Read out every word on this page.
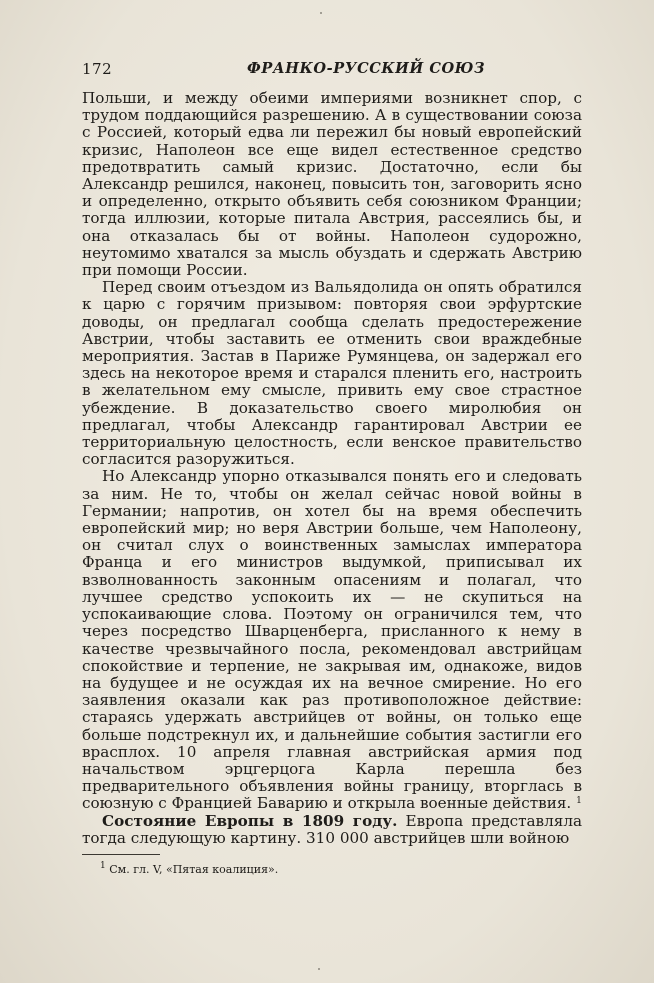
172	ФРАНКО-РУССКИЙ СОЮЗ

Польши, и между обеими империями возникнет спор, с трудом поддающийся разрешению. А в существовании союза с Россией, который едва ли пережил бы новый европейский кризис, Наполеон все еще видел естественное средство предотвратить самый кризис. Достаточно, если бы Александр решился, наконец, повысить тон, заговорить ясно и определенно, открыто объявить себя союзником Франции; тогда иллюзии, которые питала Австрия, рассеялись бы, и она отказалась бы от войны. Наполеон судорожно, неутомимо хватался за мысль обуздать и сдержать Австрию при помощи России.

Перед своим отъездом из Вальядолида он опять обратился к царю с горячим призывом: повторяя свои эрфуртские доводы, он предлагал сообща сделать предостережение Австрии, чтобы заставить ее отменить свои враждебные мероприятия. Застав в Париже Румянцева, он задержал его здесь на некоторое время и старался пленить его, настроить в желательном ему смысле, привить ему свое страстное убеждение. В доказательство своего миролюбия он предлагал, чтобы Александр гарантировал Австрии ее территориальную целостность, если венское правительство согласится разоружиться.

Но Александр упорно отказывался понять его и следовать за ним. Не то, чтобы он желал сейчас новой войны в Германии; напротив, он хотел бы на время обеспечить европейский мир; но веря Австрии больше, чем Наполеону, он считал слух о воинственных замыслах императора Франца и его министров выдумкой, приписывал их взволнованность законным опасениям и полагал, что лучшее средство успокоить их — не скупиться на успокаивающие слова. Поэтому он ограничился тем, что через посредство Шварценберга, присланного к нему в качестве чрезвычайного посла, рекомендовал австрийцам спокойствие и терпение, не закрывая им, однакоже, видов на будущее и не осуждая их на вечное смирение. Но его заявления оказали как раз противоположное действие: стараясь удержать австрийцев от войны, он только еще больше подстрекнул их, и дальнейшие события застигли его врасплох. 10 апреля главная австрийская армия под начальством эрцгерцога Карла перешла без предварительного объявления войны границу, вторглась в союзную с Францией Баварию и открыла военные действия. $^1$

Состояние Европы в 1809 году. Европа представляла тогда следующую картину. 310 000 австрийцев шли войною

$^1$ См. гл. V, «Пятая коалиция».
